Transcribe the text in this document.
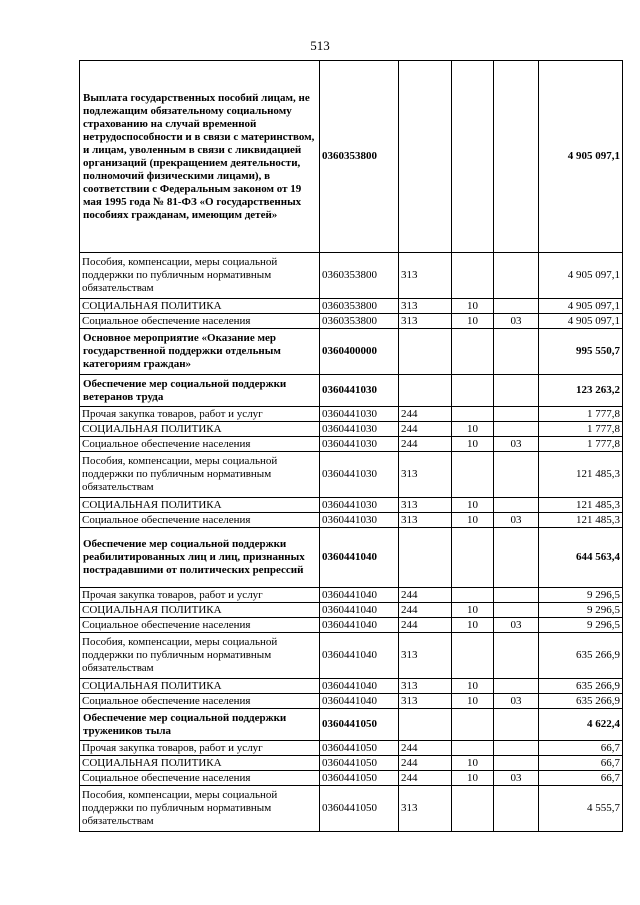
513
Выплата государственных пособий лицам, не подлежащим обязательному социальному страхованию на случай временной нетрудоспособности и в связи с материнством, и лицам, уволенным в связи с ликвидацией организаций (прекращением деятельности, полномочий физическими лицами), в соответствии с Федеральным законом от 19 мая 1995 года № 81-ФЗ «О государственных пособиях гражданам, имеющим детей»	0360353800				4 905 097,1
Пособия, компенсации, меры социальной поддержки по публичным нормативным обязательствам	0360353800	313			4 905 097,1
СОЦИАЛЬНАЯ ПОЛИТИКА	0360353800	313	10		4 905 097,1
Социальное обеспечение населения	0360353800	313	10	03	4 905 097,1
Основное мероприятие «Оказание мер государственной поддержки отдельным категориям граждан»	0360400000				995 550,7
Обеспечение мер социальной поддержки ветеранов труда	0360441030				123 263,2
Прочая закупка товаров, работ и услуг	0360441030	244			1 777,8
СОЦИАЛЬНАЯ ПОЛИТИКА	0360441030	244	10		1 777,8
Социальное обеспечение населения	0360441030	244	10	03	1 777,8
Пособия, компенсации, меры социальной поддержки по публичным нормативным обязательствам	0360441030	313			121 485,3
СОЦИАЛЬНАЯ ПОЛИТИКА	0360441030	313	10		121 485,3
Социальное обеспечение населения	0360441030	313	10	03	121 485,3
Обеспечение мер социальной поддержки реабилитированных лиц и лиц, признанных пострадавшими от политических репрессий	0360441040				644 563,4
Прочая закупка товаров, работ и услуг	0360441040	244			9 296,5
СОЦИАЛЬНАЯ ПОЛИТИКА	0360441040	244	10		9 296,5
Социальное обеспечение населения	0360441040	244	10	03	9 296,5
Пособия, компенсации, меры социальной поддержки по публичным нормативным обязательствам	0360441040	313			635 266,9
СОЦИАЛЬНАЯ ПОЛИТИКА	0360441040	313	10		635 266,9
Социальное обеспечение населения	0360441040	313	10	03	635 266,9
Обеспечение мер социальной поддержки тружеников тыла	0360441050				4 622,4
Прочая закупка товаров, работ и услуг	0360441050	244			66,7
СОЦИАЛЬНАЯ ПОЛИТИКА	0360441050	244	10		66,7
Социальное обеспечение населения	0360441050	244	10	03	66,7
Пособия, компенсации, меры социальной поддержки по публичным нормативным обязательствам	0360441050	313			4 555,7
